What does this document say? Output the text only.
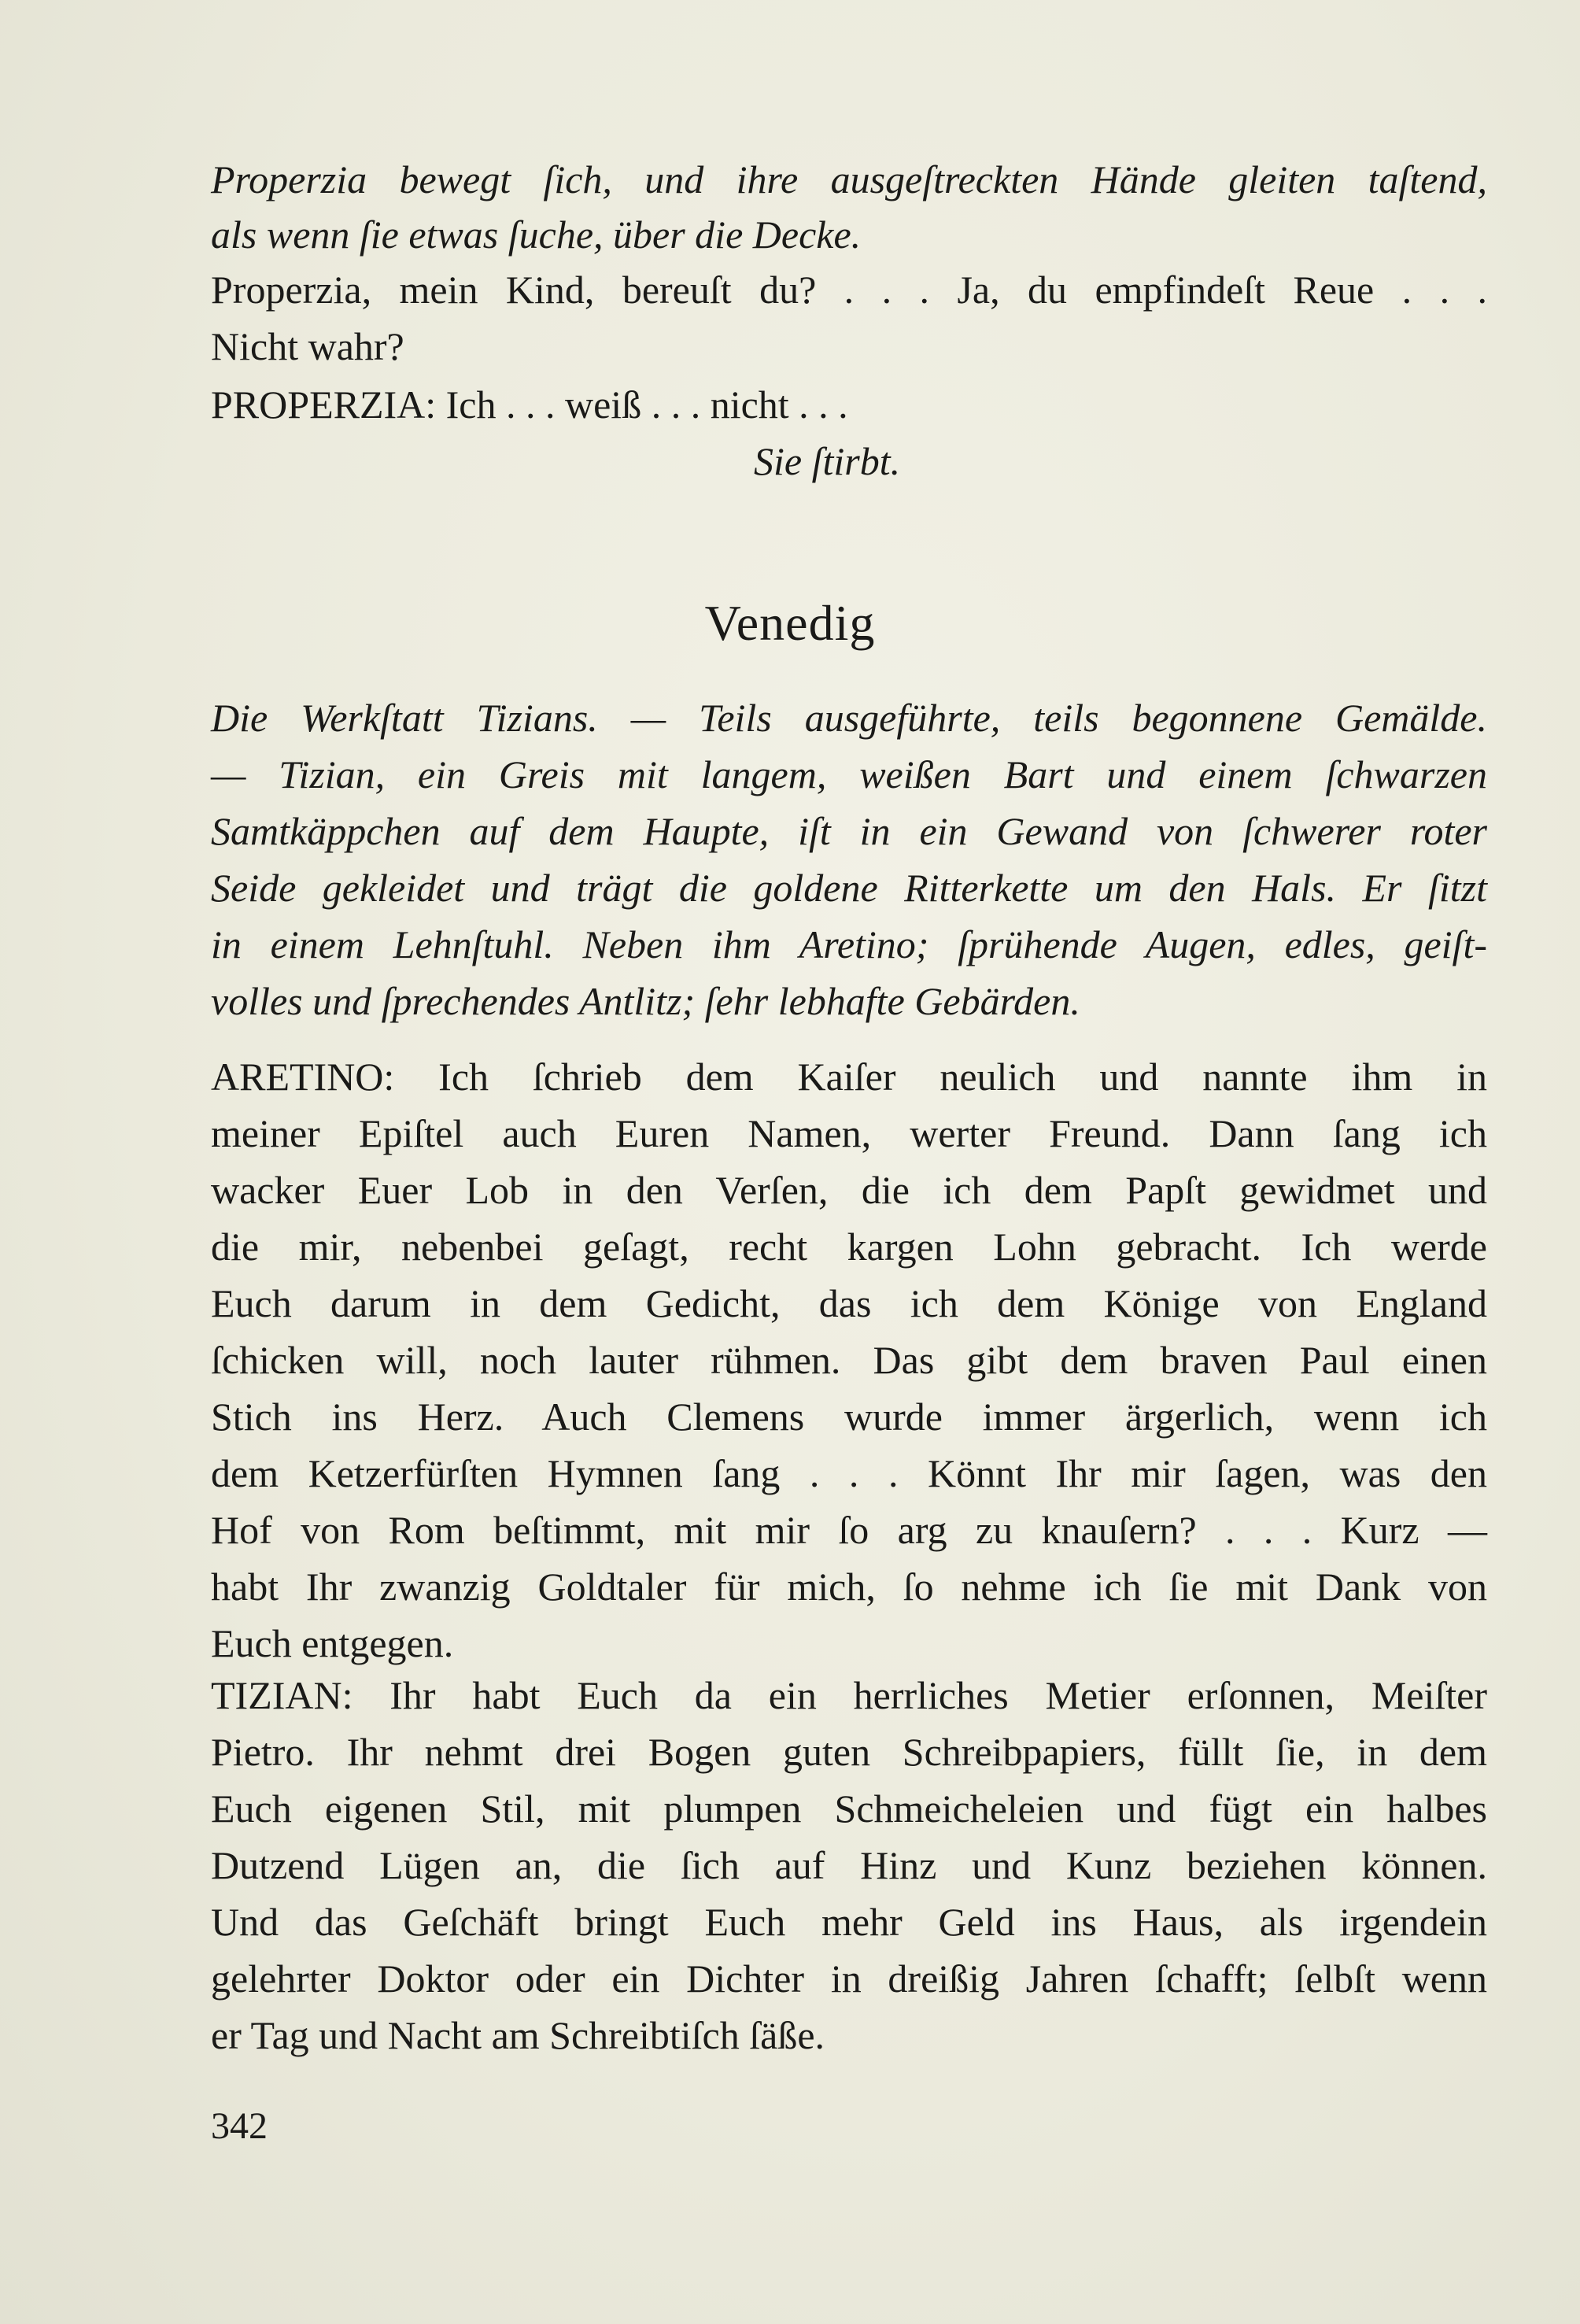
Properzia bewegt ſich, und ihre ausgeſtreckten Hände gleiten taſtend,
als wenn ſie etwas ſuche, über die Decke.
Properzia, mein Kind, bereuſt du? . . . Ja, du empfindeſt Reue . . .
Nicht wahr?
PROPERZIA: Ich . . . weiß . . . nicht . . .
Sie ſtirbt.
Venedig
Die Werkſtatt Tizians. — Teils ausgeführte, teils begonnene Gemälde.
— Tizian, ein Greis mit langem, weißen Bart und einem ſchwarzen
Samtkäppchen auf dem Haupte, iſt in ein Gewand von ſchwerer roter
Seide gekleidet und trägt die goldene Ritterkette um den Hals. Er ſitzt
in einem Lehnſtuhl. Neben ihm Aretino; ſprühende Augen, edles, geiſt-
volles und ſprechendes Antlitz; ſehr lebhafte Gebärden.
ARETINO: Ich ſchrieb dem Kaiſer neulich und nannte ihm in
meiner Epiſtel auch Euren Namen, werter Freund. Dann ſang ich
wacker Euer Lob in den Verſen, die ich dem Papſt gewidmet und
die mir, nebenbei geſagt, recht kargen Lohn gebracht. Ich werde
Euch darum in dem Gedicht, das ich dem Könige von England
ſchicken will, noch lauter rühmen. Das gibt dem braven Paul einen
Stich ins Herz. Auch Clemens wurde immer ärgerlich, wenn ich
dem Ketzerfürſten Hymnen ſang . . . Könnt Ihr mir ſagen, was den
Hof von Rom beſtimmt, mit mir ſo arg zu knauſern? . . . Kurz —
habt Ihr zwanzig Goldtaler für mich, ſo nehme ich ſie mit Dank von
Euch entgegen.
TIZIAN: Ihr habt Euch da ein herrliches Metier erſonnen, Meiſter
Pietro. Ihr nehmt drei Bogen guten Schreibpapiers, füllt ſie, in dem
Euch eigenen Stil, mit plumpen Schmeicheleien und fügt ein halbes
Dutzend Lügen an, die ſich auf Hinz und Kunz beziehen können.
Und das Geſchäft bringt Euch mehr Geld ins Haus, als irgendein
gelehrter Doktor oder ein Dichter in dreißig Jahren ſchafft; ſelbſt wenn
er Tag und Nacht am Schreibtiſch ſäße.
342
